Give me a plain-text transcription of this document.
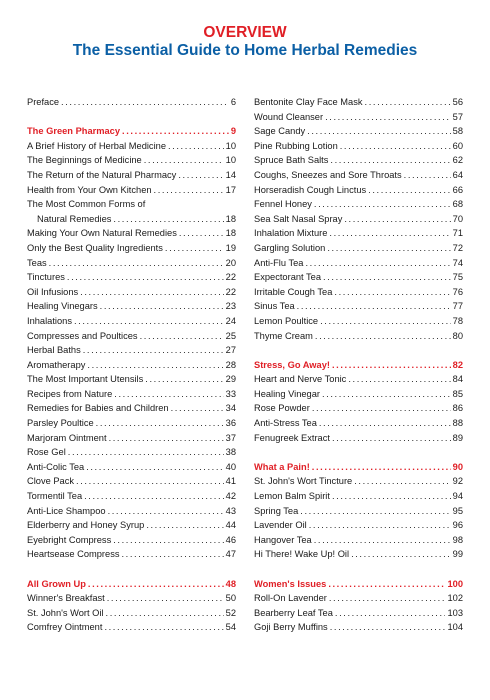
OVERVIEW
The Essential Guide to Home Herbal Remedies
Preface .....	6
The Green Pharmacy .....	9
A Brief History of Herbal Medicine .....	10
The Beginnings of Medicine .....	10
The Return of the Natural Pharmacy .....	14
Health from Your Own Kitchen .....	17
The Most Common Forms of
Natural Remedies .....	18
Making Your Own Natural Remedies .....	18
Only the Best Quality Ingredients .....	19
Teas .....	20
Tinctures .....	22
Oil Infusions .....	22
Healing Vinegars .....	23
Inhalations .....	24
Compresses and Poultices .....	25
Herbal Baths .....	27
Aromatherapy .....	28
The Most Important Utensils .....	29
Recipes from Nature .....	33
Remedies for Babies and Children .....	34
Parsley Poultice .....	36
Marjoram Ointment .....	37
Rose Gel .....	38
Anti-Colic Tea .....	40
Clove Pack .....	41
Tormentil Tea .....	42
Anti-Lice Shampoo .....	43
Elderberry and Honey Syrup .....	44
Eyebright Compress .....	46
Heartsease Compress .....	47
All Grown Up .....	48
Winner's Breakfast .....	50
St. John's Wort Oil .....	52
Comfrey Ointment .....	54
Bentonite Clay Face Mask .....	56
Wound Cleanser .....	57
Sage Candy .....	58
Pine Rubbing Lotion .....	60
Spruce Bath Salts .....	62
Coughs, Sneezes and Sore Throats .....	64
Horseradish Cough Linctus .....	66
Fennel Honey .....	68
Sea Salt Nasal Spray .....	70
Inhalation Mixture .....	71
Gargling Solution .....	72
Anti-Flu Tea .....	74
Expectorant Tea .....	75
Irritable Cough Tea .....	76
Sinus Tea .....	77
Lemon Poultice .....	78
Thyme Cream .....	80
Stress, Go Away! .....	82
Heart and Nerve Tonic .....	84
Healing Vinegar .....	85
Rose Powder .....	86
Anti-Stress Tea .....	88
Fenugreek Extract .....	89
What a Pain! .....	90
St. John's Wort Tincture .....	92
Lemon Balm Spirit .....	94
Spring Tea .....	95
Lavender Oil .....	96
Hangover Tea .....	98
Hi There! Wake Up! Oil .....	99
Women's Issues .....	100
Roll-On Lavender .....	102
Bearberry Leaf Tea .....	103
Goji Berry Muffins .....	104
